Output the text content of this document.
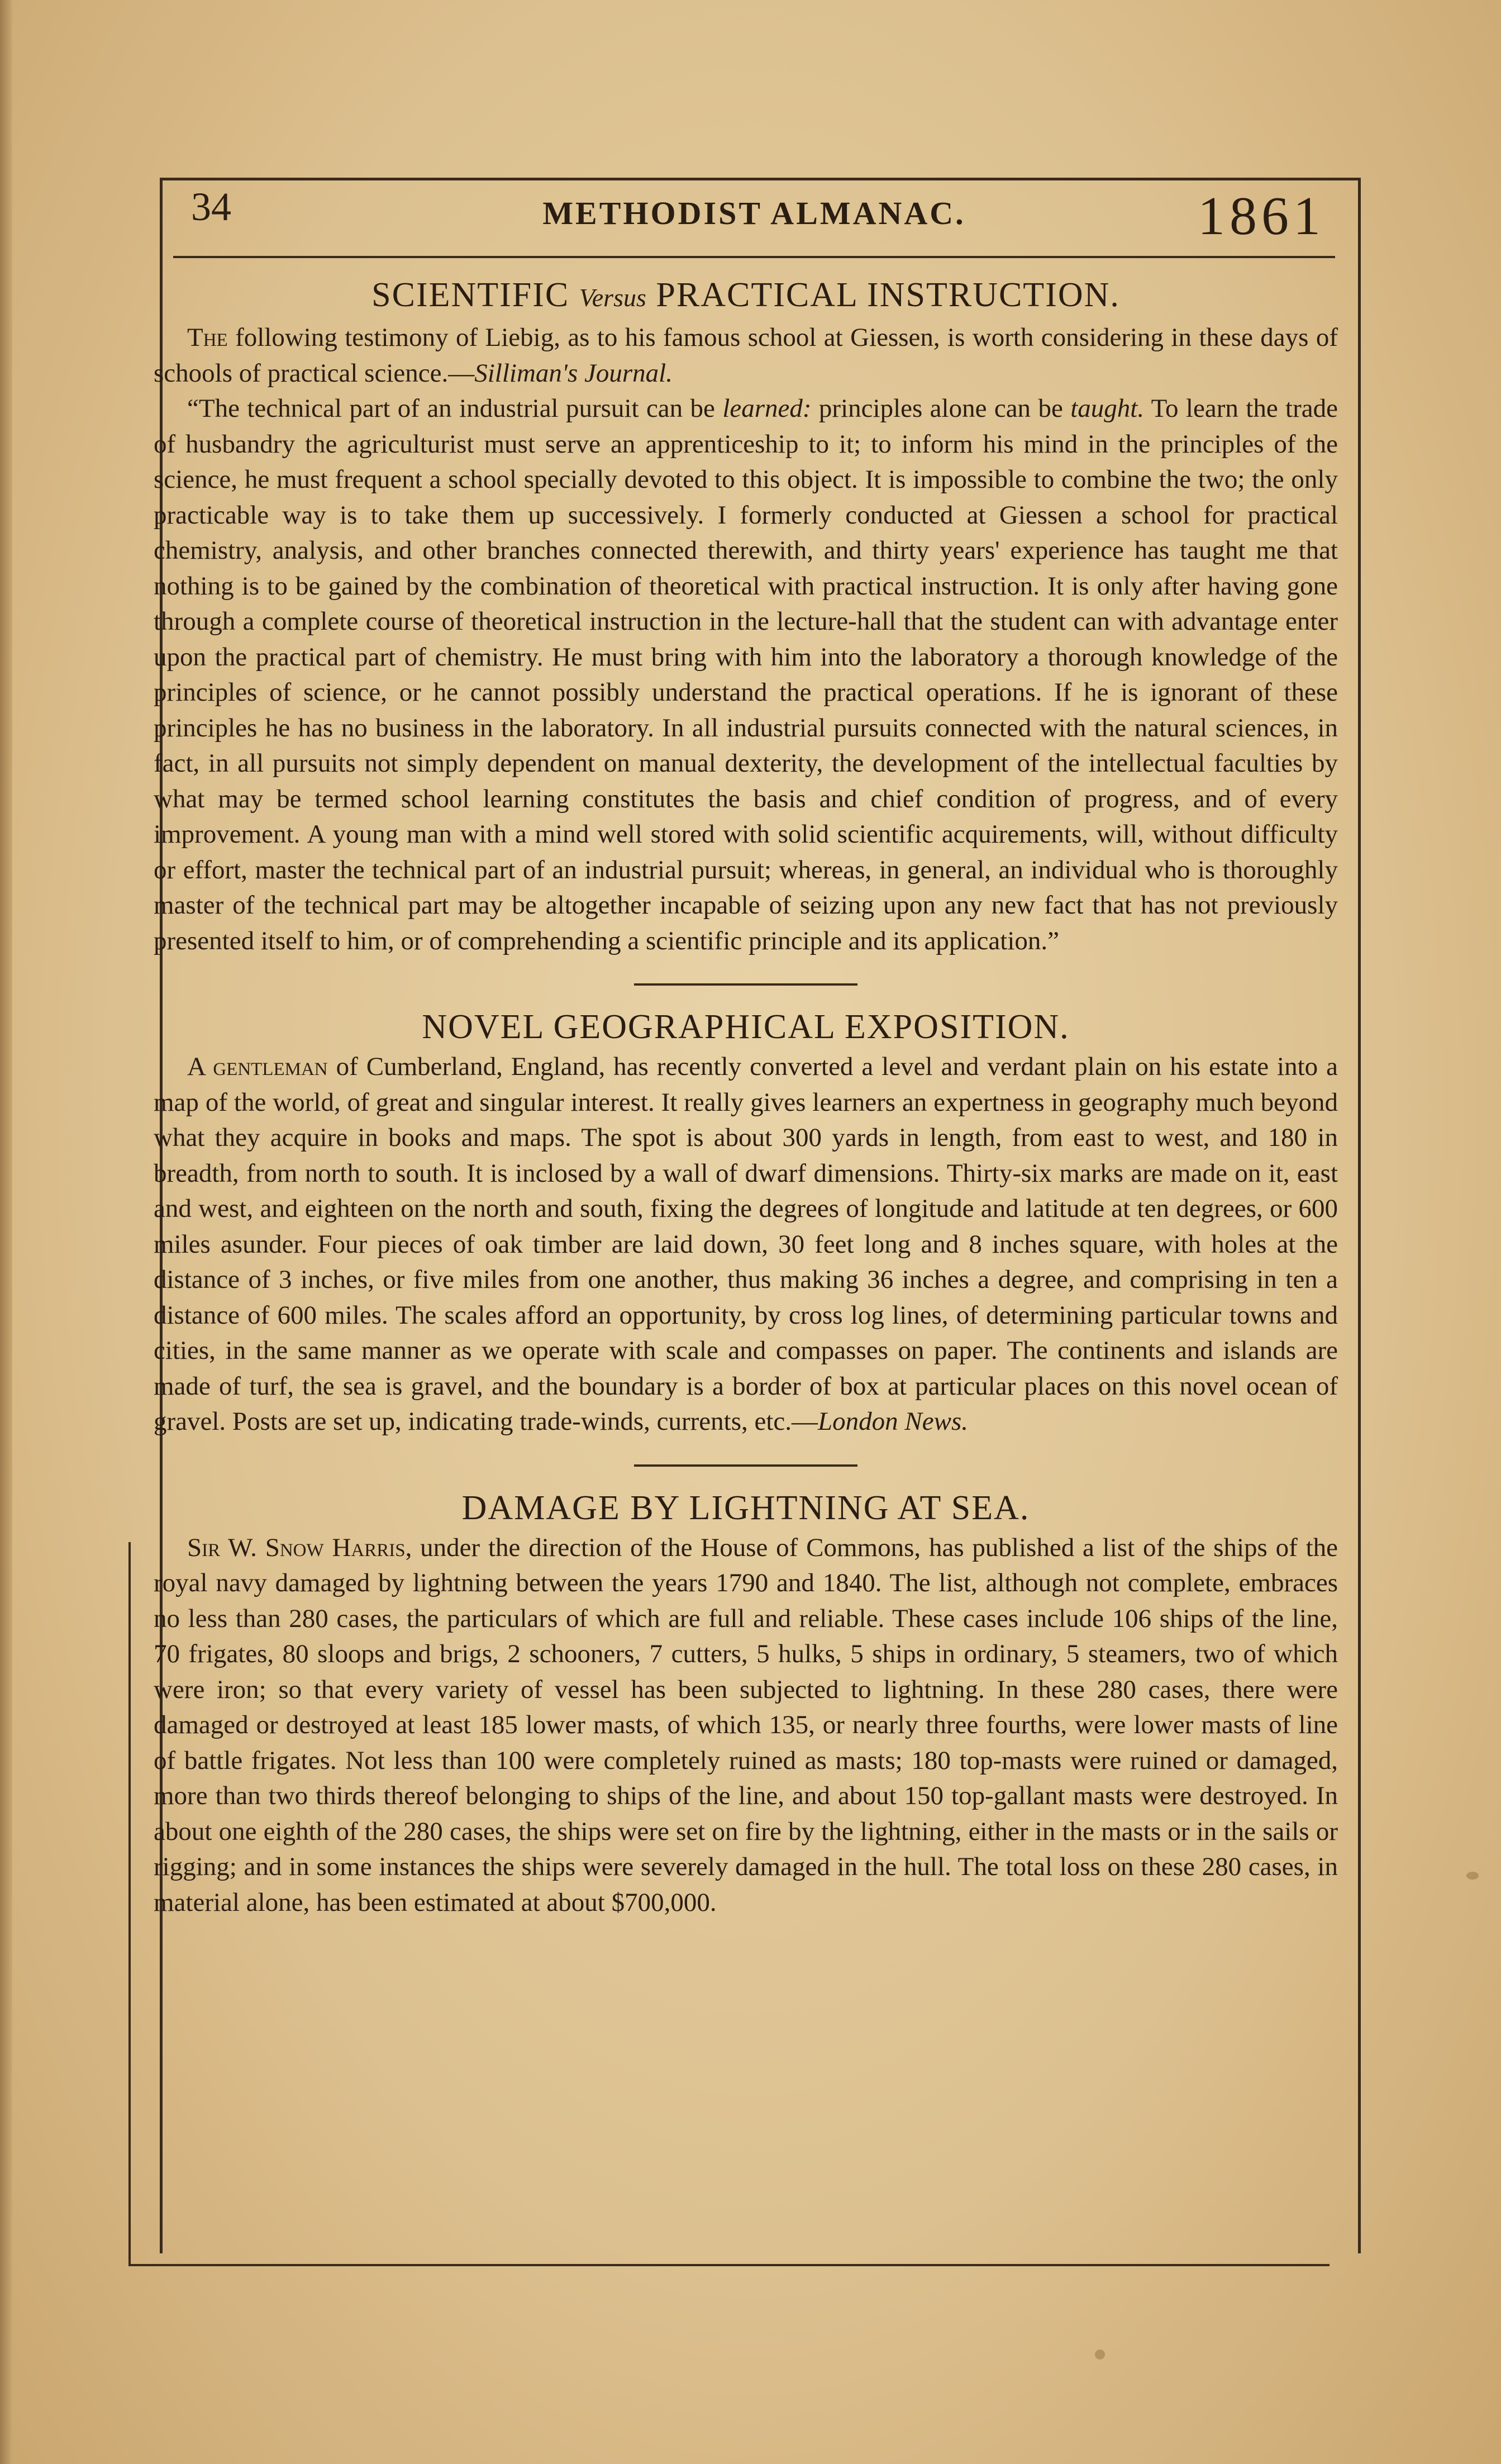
34	METHODIST ALMANAC.	1861
SCIENTIFIC Versus PRACTICAL INSTRUCTION.

The following testimony of Liebig, as to his famous school at Giessen, is worth considering in these days of schools of practical science.—Silliman's Journal.

“The technical part of an industrial pursuit can be learned: principles alone can be taught. To learn the trade of husbandry the agriculturist must serve an apprenticeship to it; to inform his mind in the principles of the science, he must frequent a school specially devoted to this object. It is impossible to combine the two; the only practicable way is to take them up successively. I formerly conducted at Giessen a school for practical chemistry, analysis, and other branches connected therewith, and thirty years' experience has taught me that nothing is to be gained by the combination of theoretical with practical instruction. It is only after having gone through a complete course of theoretical instruction in the lecture-hall that the student can with advantage enter upon the practical part of chemistry. He must bring with him into the laboratory a thorough knowledge of the principles of science, or he cannot possibly understand the practical operations. If he is ignorant of these principles he has no business in the laboratory. In all industrial pursuits connected with the natural sciences, in fact, in all pursuits not simply dependent on manual dexterity, the development of the intellectual faculties by what may be termed school learning constitutes the basis and chief condition of progress, and of every improvement. A young man with a mind well stored with solid scientific acquirements, will, without difficulty or effort, master the technical part of an industrial pursuit; whereas, in general, an individual who is thoroughly master of the technical part may be altogether incapable of seizing upon any new fact that has not previously presented itself to him, or of comprehending a scientific principle and its application.”

NOVEL GEOGRAPHICAL EXPOSITION.

A gentleman of Cumberland, England, has recently converted a level and verdant plain on his estate into a map of the world, of great and singular interest. It really gives learners an expertness in geography much beyond what they acquire in books and maps. The spot is about 300 yards in length, from east to west, and 180 in breadth, from north to south. It is inclosed by a wall of dwarf dimensions. Thirty-six marks are made on it, east and west, and eighteen on the north and south, fixing the degrees of longitude and latitude at ten degrees, or 600 miles asunder. Four pieces of oak timber are laid down, 30 feet long and 8 inches square, with holes at the distance of 3 inches, or five miles from one another, thus making 36 inches a degree, and comprising in ten a distance of 600 miles. The scales afford an opportunity, by cross log lines, of determining particular towns and cities, in the same manner as we operate with scale and compasses on paper. The continents and islands are made of turf, the sea is gravel, and the boundary is a border of box at particular places on this novel ocean of gravel. Posts are set up, indicating trade-winds, currents, etc.—London News.

DAMAGE BY LIGHTNING AT SEA.

Sir W. Snow Harris, under the direction of the House of Commons, has published a list of the ships of the royal navy damaged by lightning between the years 1790 and 1840. The list, although not complete, embraces no less than 280 cases, the particulars of which are full and reliable. These cases include 106 ships of the line, 70 frigates, 80 sloops and brigs, 2 schooners, 7 cutters, 5 hulks, 5 ships in ordinary, 5 steamers, two of which were iron; so that every variety of vessel has been subjected to lightning. In these 280 cases, there were damaged or destroyed at least 185 lower masts, of which 135, or nearly three fourths, were lower masts of line of battle frigates. Not less than 100 were completely ruined as masts; 180 top-masts were ruined or damaged, more than two thirds thereof belonging to ships of the line, and about 150 top-gallant masts were destroyed. In about one eighth of the 280 cases, the ships were set on fire by the lightning, either in the masts or in the sails or rigging; and in some instances the ships were severely damaged in the hull. The total loss on these 280 cases, in material alone, has been estimated at about $700,000.
